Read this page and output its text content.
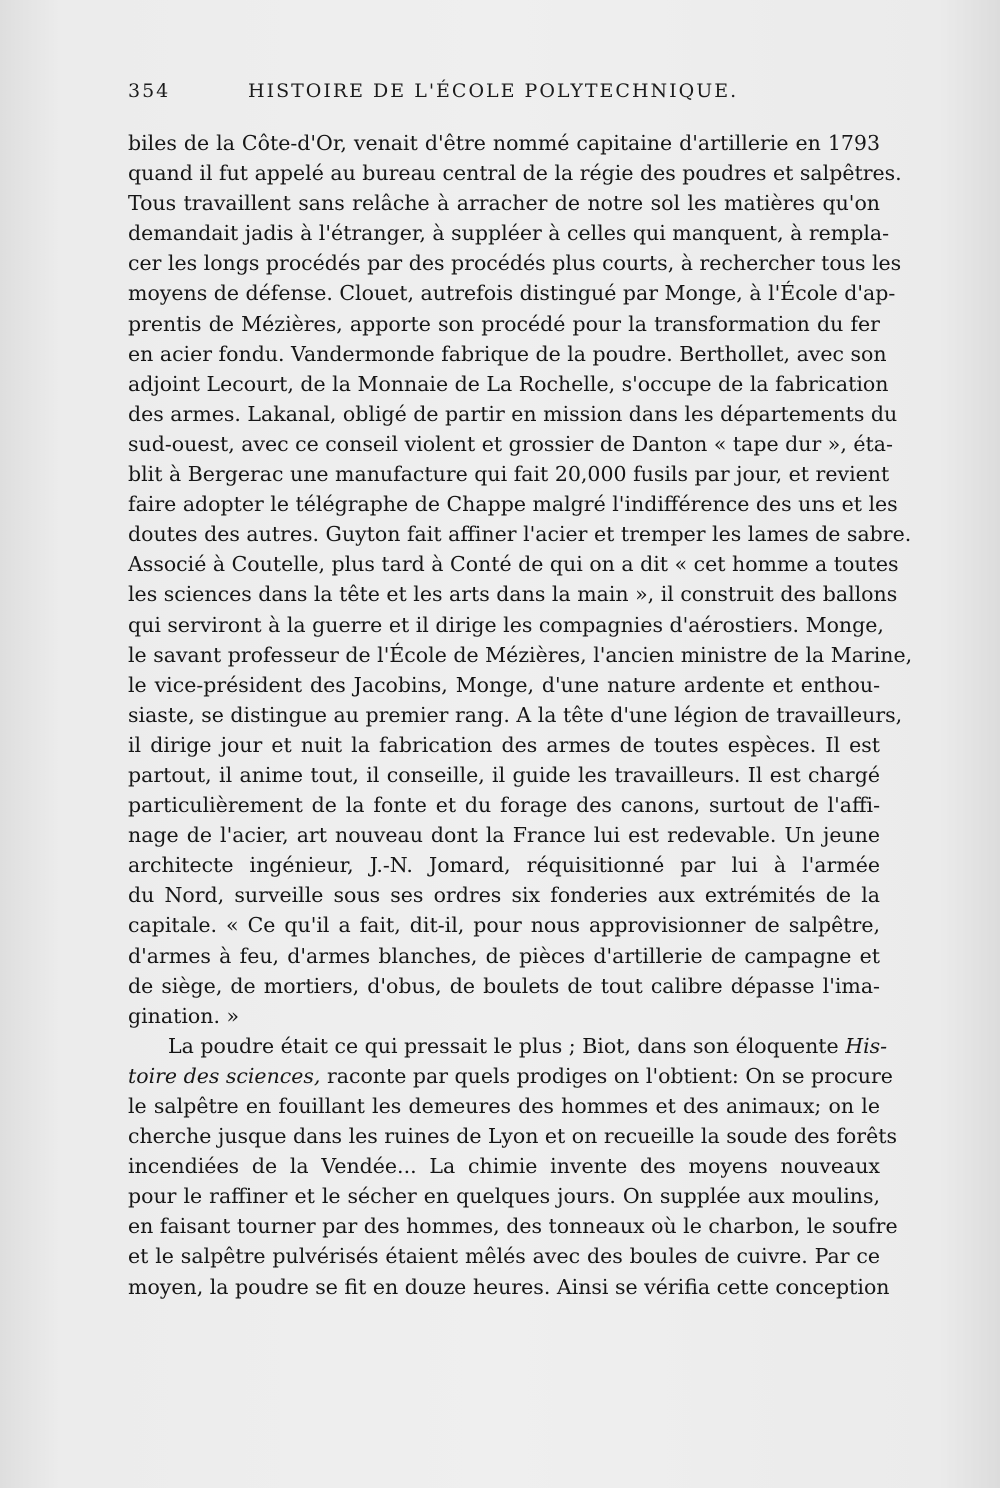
354	HISTOIRE DE L'ÉCOLE POLYTECHNIQUE.
biles de la Côte-d'Or, venait d'être nommé capitaine d'artillerie en 1793
quand il fut appelé au bureau central de la régie des poudres et salpêtres.
Tous travaillent sans relâche à arracher de notre sol les matières qu'on
demandait jadis à l'étranger, à suppléer à celles qui manquent, à rempla-
cer les longs procédés par des procédés plus courts, à rechercher tous les
moyens de défense. Clouet, autrefois distingué par Monge, à l'École d'ap-
prentis de Mézières, apporte son procédé pour la transformation du fer
en acier fondu. Vandermonde fabrique de la poudre. Berthollet, avec son
adjoint Lecourt, de la Monnaie de La Rochelle, s'occupe de la fabrication
des armes. Lakanal, obligé de partir en mission dans les départements du
sud-ouest, avec ce conseil violent et grossier de Danton « tape dur », éta-
blit à Bergerac une manufacture qui fait 20,000 fusils par jour, et revient
faire adopter le télégraphe de Chappe malgré l'indifférence des uns et les
doutes des autres. Guyton fait affiner l'acier et tremper les lames de sabre.
Associé à Coutelle, plus tard à Conté de qui on a dit « cet homme a toutes
les sciences dans la tête et les arts dans la main », il construit des ballons
qui serviront à la guerre et il dirige les compagnies d'aérostiers. Monge,
le savant professeur de l'École de Mézières, l'ancien ministre de la Marine,
le vice-président des Jacobins, Monge, d'une nature ardente et enthou-
siaste, se distingue au premier rang. A la tête d'une légion de travailleurs,
il dirige jour et nuit la fabrication des armes de toutes espèces. Il est
partout, il anime tout, il conseille, il guide les travailleurs. Il est chargé
particulièrement de la fonte et du forage des canons, surtout de l'affi-
nage de l'acier, art nouveau dont la France lui est redevable. Un jeune
architecte ingénieur, J.-N. Jomard, réquisitionné par lui à l'armée
du Nord, surveille sous ses ordres six fonderies aux extrémités de la
capitale. « Ce qu'il a fait, dit-il, pour nous approvisionner de salpêtre,
d'armes à feu, d'armes blanches, de pièces d'artillerie de campagne et
de siège, de mortiers, d'obus, de boulets de tout calibre dépasse l'ima-
gination. »
La poudre était ce qui pressait le plus ; Biot, dans son éloquente His-
toire des sciences, raconte par quels prodiges on l'obtient: On se procure
le salpêtre en fouillant les demeures des hommes et des animaux; on le
cherche jusque dans les ruines de Lyon et on recueille la soude des forêts
incendiées de la Vendée... La chimie invente des moyens nouveaux
pour le raffiner et le sécher en quelques jours. On supplée aux moulins,
en faisant tourner par des hommes, des tonneaux où le charbon, le soufre
et le salpêtre pulvérisés étaient mêlés avec des boules de cuivre. Par ce
moyen, la poudre se fit en douze heures. Ainsi se vérifia cette conception
